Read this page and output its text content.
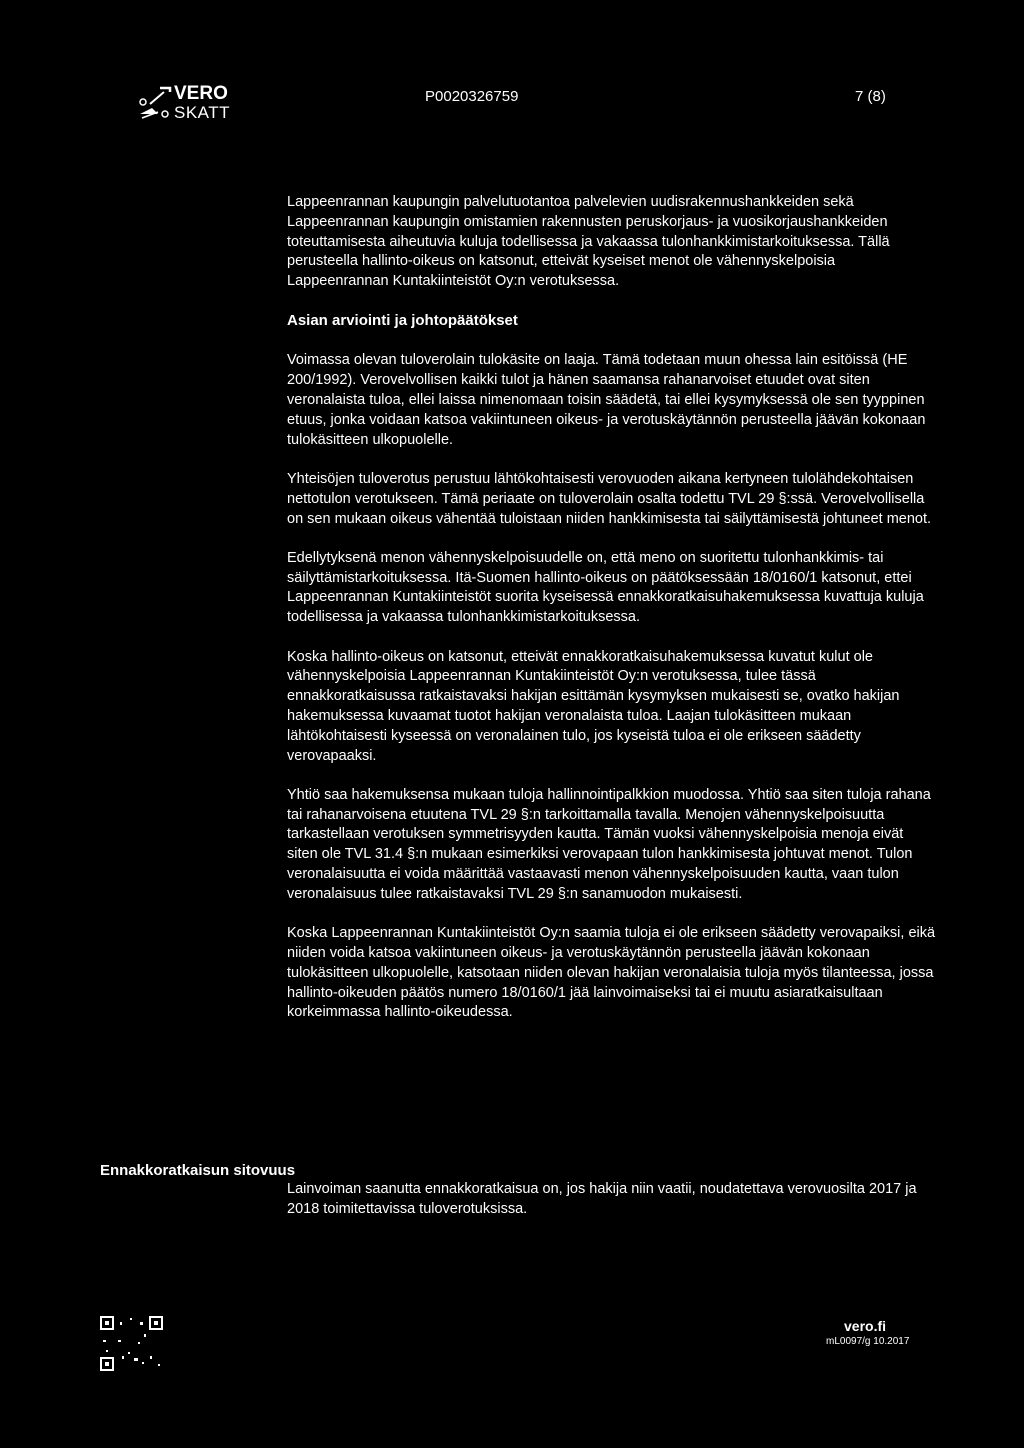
VERO
SKATT
P0020326759	7 (8)

Lappeenrannan kaupungin palvelutuotantoa palvelevien uudisrakennushankkeiden sekä Lappeenrannan kaupungin omistamien rakennusten peruskorjaus- ja vuosikorjaushankkeiden toteuttamisesta aiheutuvia kuluja todellisessa ja vakaassa tulonhankkimistarkoituksessa. Tällä perusteella hallinto-oikeus on katsonut, etteivät kyseiset menot ole vähennyskelpoisia Lappeenrannan Kuntakiinteistöt Oy:n verotuksessa.

Asian arviointi ja johtopäätökset

Voimassa olevan tuloverolain tulokäsite on laaja. Tämä todetaan muun ohessa lain esitöissä (HE 200/1992). Verovelvollisen kaikki tulot ja hänen saamansa rahanarvoiset etuudet ovat siten veronalaista tuloa, ellei laissa nimenomaan toisin säädetä, tai ellei kysymyksessä ole sen tyyppinen etuus, jonka voidaan katsoa vakiintuneen oikeus- ja verotuskäytännön perusteella jäävän kokonaan tulokäsitteen ulkopuolelle.

Yhteisöjen tuloverotus perustuu lähtökohtaisesti verovuoden aikana kertyneen tulolähdekohtaisen nettotulon verotukseen. Tämä periaate on tuloverolain osalta todettu TVL 29 §:ssä. Verovelvollisella on sen mukaan oikeus vähentää tuloistaan niiden hankkimisesta tai säilyttämisestä johtuneet menot.

Edellytyksenä menon vähennyskelpoisuudelle on, että meno on suoritettu tulonhankkimis- tai säilyttämistarkoituksessa. Itä-Suomen hallinto-oikeus on päätöksessään 18/0160/1 katsonut, ettei Lappeenrannan Kuntakiinteistöt suorita kyseisessä ennakkoratkaisuhakemuksessa kuvattuja kuluja todellisessa ja vakaassa tulonhankkimistarkoituksessa.

Koska hallinto-oikeus on katsonut, etteivät ennakkoratkaisuhakemuksessa kuvatut kulut ole vähennyskelpoisia Lappeenrannan Kuntakiinteistöt Oy:n verotuksessa, tulee tässä ennakkoratkaisussa ratkaistavaksi hakijan esittämän kysymyksen mukaisesti se, ovatko hakijan hakemuksessa kuvaamat tuotot hakijan veronalaista tuloa. Laajan tulokäsitteen mukaan lähtökohtaisesti kyseessä on veronalainen tulo, jos kyseistä tuloa ei ole erikseen säädetty verovapaaksi.

Yhtiö saa hakemuksensa mukaan tuloja hallinnointipalkkion muodossa. Yhtiö saa siten tuloja rahana tai rahanarvoisena etuutena TVL 29 §:n tarkoittamalla tavalla. Menojen vähennyskelpoisuutta tarkastellaan verotuksen symmetrisyyden kautta. Tämän vuoksi vähennyskelpoisia menoja eivät siten ole TVL 31.4 §:n mukaan esimerkiksi verovapaan tulon hankkimisesta johtuvat menot. Tulon veronalaisuutta ei voida määrittää vastaavasti menon vähennyskelpoisuuden kautta, vaan tulon veronalaisuus tulee ratkaistavaksi TVL 29 §:n sanamuodon mukaisesti.

Koska Lappeenrannan Kuntakiinteistöt Oy:n saamia tuloja ei ole erikseen säädetty verovapaiksi, eikä niiden voida katsoa vakiintuneen oikeus- ja verotuskäytännön perusteella jäävän kokonaan tulokäsitteen ulkopuolelle, katsotaan niiden olevan hakijan veronalaisia tuloja myös tilanteessa, jossa hallinto-oikeuden päätös numero 18/0160/1 jää lainvoimaiseksi tai ei muutu asiaratkaisultaan korkeimmassa hallinto-oikeudessa.

Ennakkoratkaisun sitovuus
Lainvoiman saanutta ennakkoratkaisua on, jos hakija niin vaatii, noudatettava verovuosilta 2017 ja 2018 toimitettavissa tuloverotuksissa.
vero.fi
mL0097/g 10.2017
